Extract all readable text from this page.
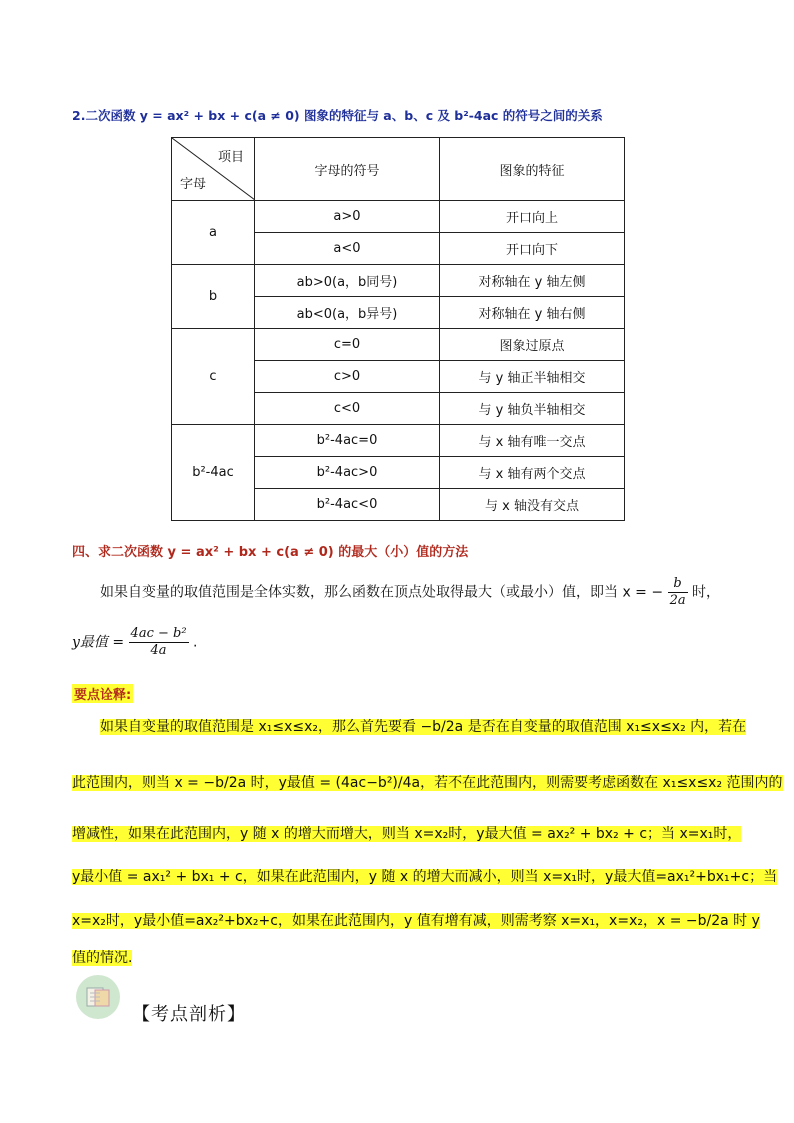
2.二次函数 y = ax² + bx + c(a ≠ 0) 图象的特征与 a、b、c 及 b²-4ac 的符号之间的关系
项目
字母	字母的符号	图象的特征
a	a>0	开口向上
	a<0	开口向下
b	ab>0(a，b同号)	对称轴在 y 轴左侧
	ab<0(a，b异号)	对称轴在 y 轴右侧
c	c=0	图象过原点
	c>0	与 y 轴正半轴相交
	c<0	与 y 轴负半轴相交
b²-4ac	b²-4ac=0	与 x 轴有唯一交点
	b²-4ac>0	与 x 轴有两个交点
	b²-4ac<0	与 x 轴没有交点
四、求二次函数 y = ax² + bx + c(a ≠ 0) 的最大（小）值的方法
如果自变量的取值范围是全体实数，那么函数在顶点处取得最大（或最小）值，即当 x = − $\frac{b}{2a}$ 时，
y最值 = $\frac{\text{4ac − b²}}{4a}$ .
要点诠释:
如果自变量的取值范围是 x₁≤x≤x₂，那么首先要看 −b/2a 是否在自变量的取值范围 x₁≤x≤x₂ 内，若在
此范围内，则当 x = −b/2a 时，y最值 = (4ac−b²)/4a，若不在此范围内，则需要考虑函数在 x₁≤x≤x₂ 范围内的
增减性，如果在此范围内，y 随 x 的增大而增大，则当 x=x₂时，y最大值 = ax₂² + bx₂ + c；当 x=x₁时，
y最小值 = ax₁² + bx₁ + c，如果在此范围内，y 随 x 的增大而减小，则当 x=x₁时，y最大值=ax₁²+bx₁+c；当
x=x₂时，y最小值=ax₂²+bx₂+c，如果在此范围内，y 值有增有减，则需考察 x=x₁，x=x₂，x = −b/2a 时 y
值的情况.
【考点剖析】
